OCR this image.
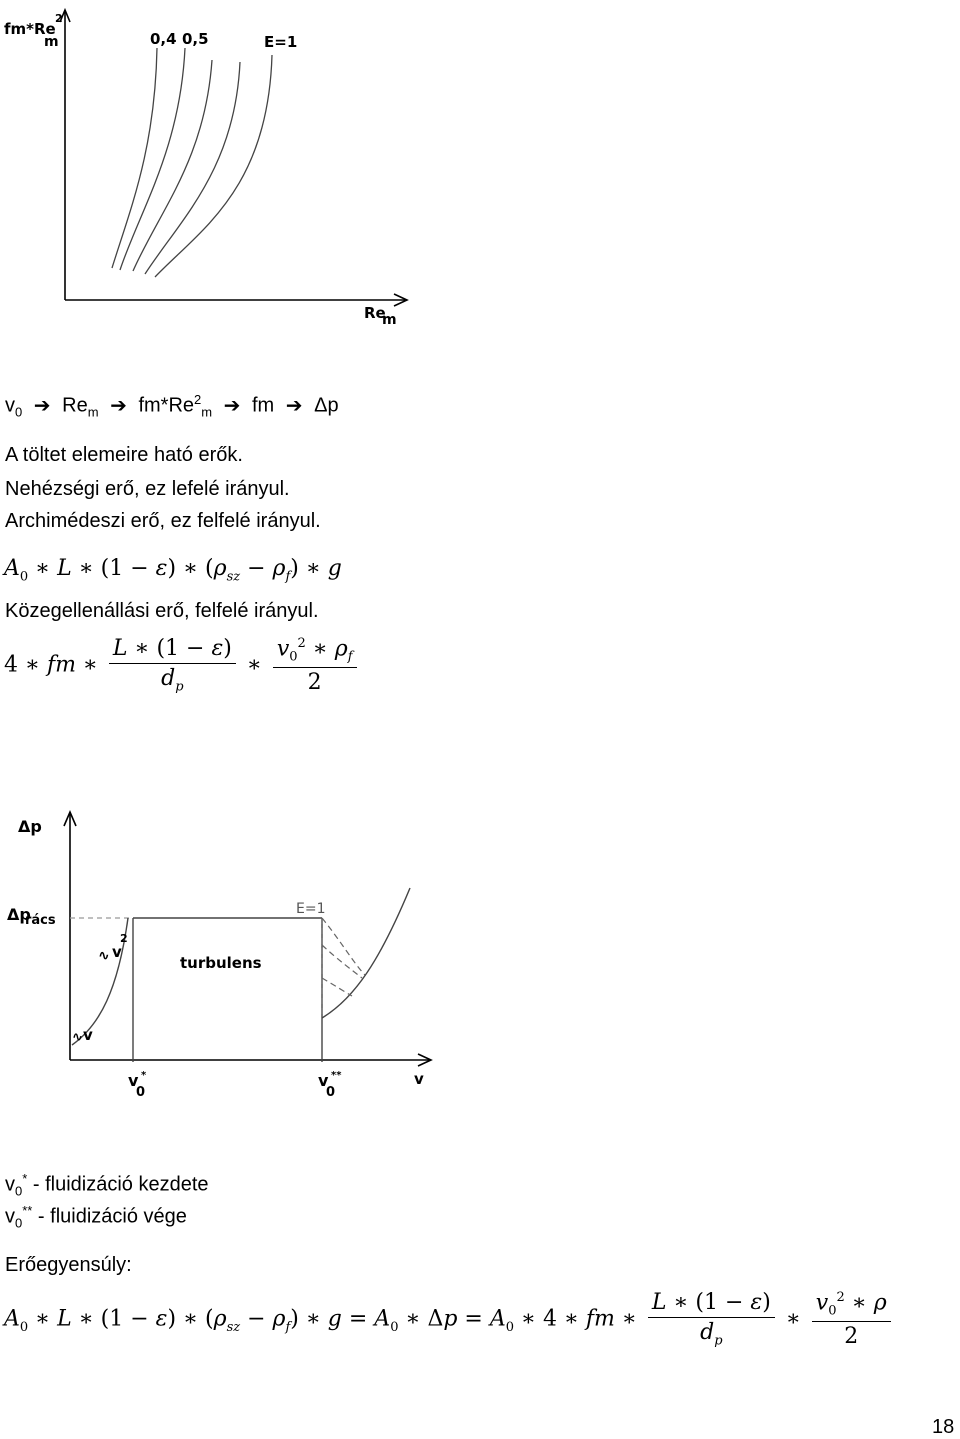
fm*Re
2
m	0,4 0,5	E=1
Re
m
$v_0$ ➔ $Re_m$ ➔ $fm*Re^2_m$ ➔ fm ➔ Δp
A töltet elemeire ható erők.
Nehézségi erő, ez lefelé irányul.
Archimédeszi erő, ez felfelé irányul.
$A_0$ ∗ L ∗ (1 − ε) ∗ $(\rho_{sz} - \rho_f)$ ∗ g
Közegellenállási erő, felfelé irányul.
4 ∗ fm ∗ $\frac{L ∗ (1 - \varepsilon)}{d_p}$ ∗ $\frac{v_0^2 ∗ \rho_f}{2}$
Δp
Δp
rács
E=1
turbulens
∿ v
2
∿ v
v
0
*	v
0
**	v
$v_0^*$ - fluidizáció kezdete
$v_0^{**}$ - fluidizáció vége
Erőegyensúly:
$A_0$ ∗ L ∗ (1 − ε) ∗ $(\rho_{sz} - \rho_f)$ ∗ $g = A_0$ ∗ $\Delta p = A_0$ ∗ 4 ∗ fm ∗ $\frac{L ∗ (1 - \varepsilon)}{d_p}$ ∗ $\frac{v_0^2 ∗ \rho}{2}$
18
